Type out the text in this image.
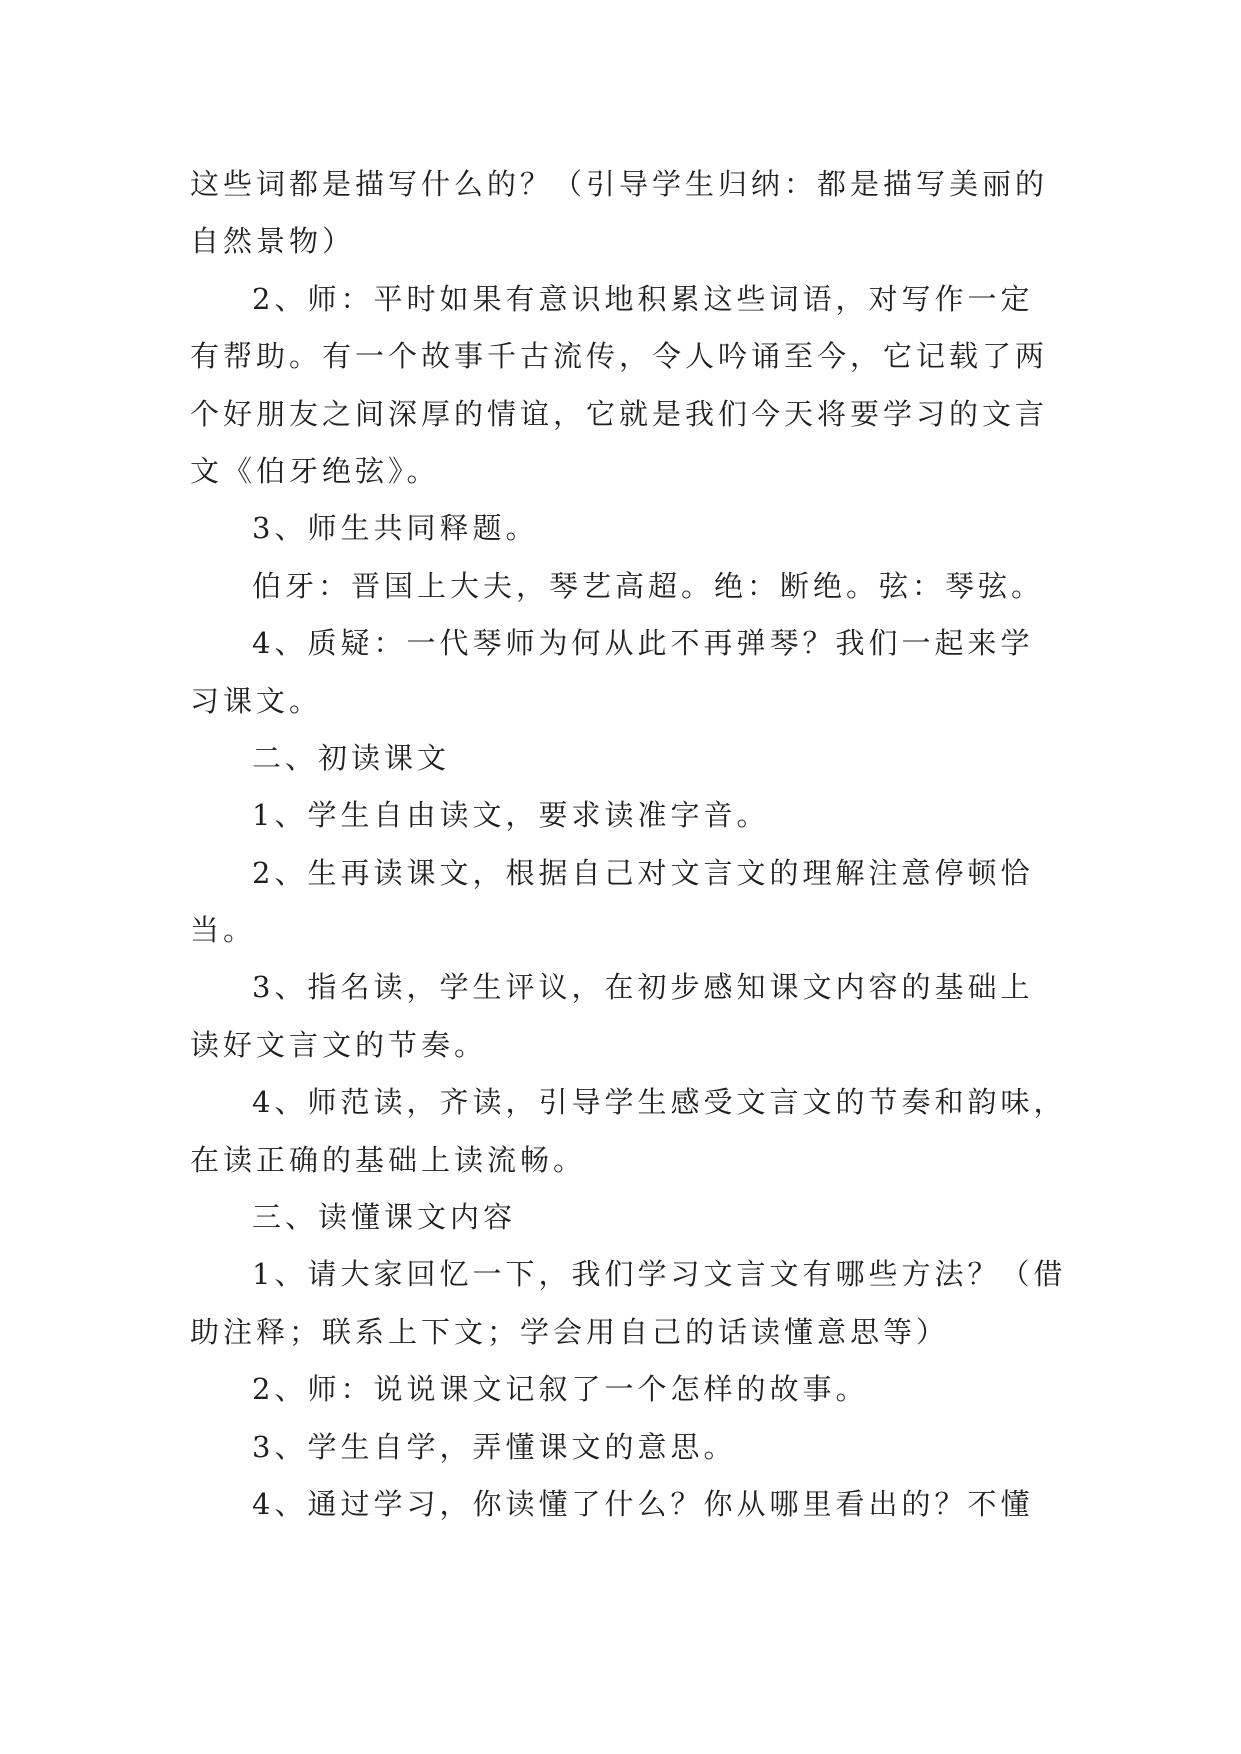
这些词都是描写什么的？（引导学生归纳：都是描写美丽的
自然景物）
2、师：平时如果有意识地积累这些词语，对写作一定
有帮助。有一个故事千古流传，令人吟诵至今，它记载了两
个好朋友之间深厚的情谊，它就是我们今天将要学习的文言
文《伯牙绝弦》。
3、师生共同释题。
伯牙：晋国上大夫，琴艺高超。绝：断绝。弦：琴弦。
4、质疑：一代琴师为何从此不再弹琴？我们一起来学
习课文。
二、初读课文
1、学生自由读文，要求读准字音。
2、生再读课文，根据自己对文言文的理解注意停顿恰
当。
3、指名读，学生评议，在初步感知课文内容的基础上
读好文言文的节奏。
4、师范读，齐读，引导学生感受文言文的节奏和韵味，
在读正确的基础上读流畅。
三、读懂课文内容
1、请大家回忆一下，我们学习文言文有哪些方法？（借
助注释；联系上下文；学会用自己的话读懂意思等）
2、师：说说课文记叙了一个怎样的故事。
3、学生自学，弄懂课文的意思。
4、通过学习，你读懂了什么？你从哪里看出的？不懂
